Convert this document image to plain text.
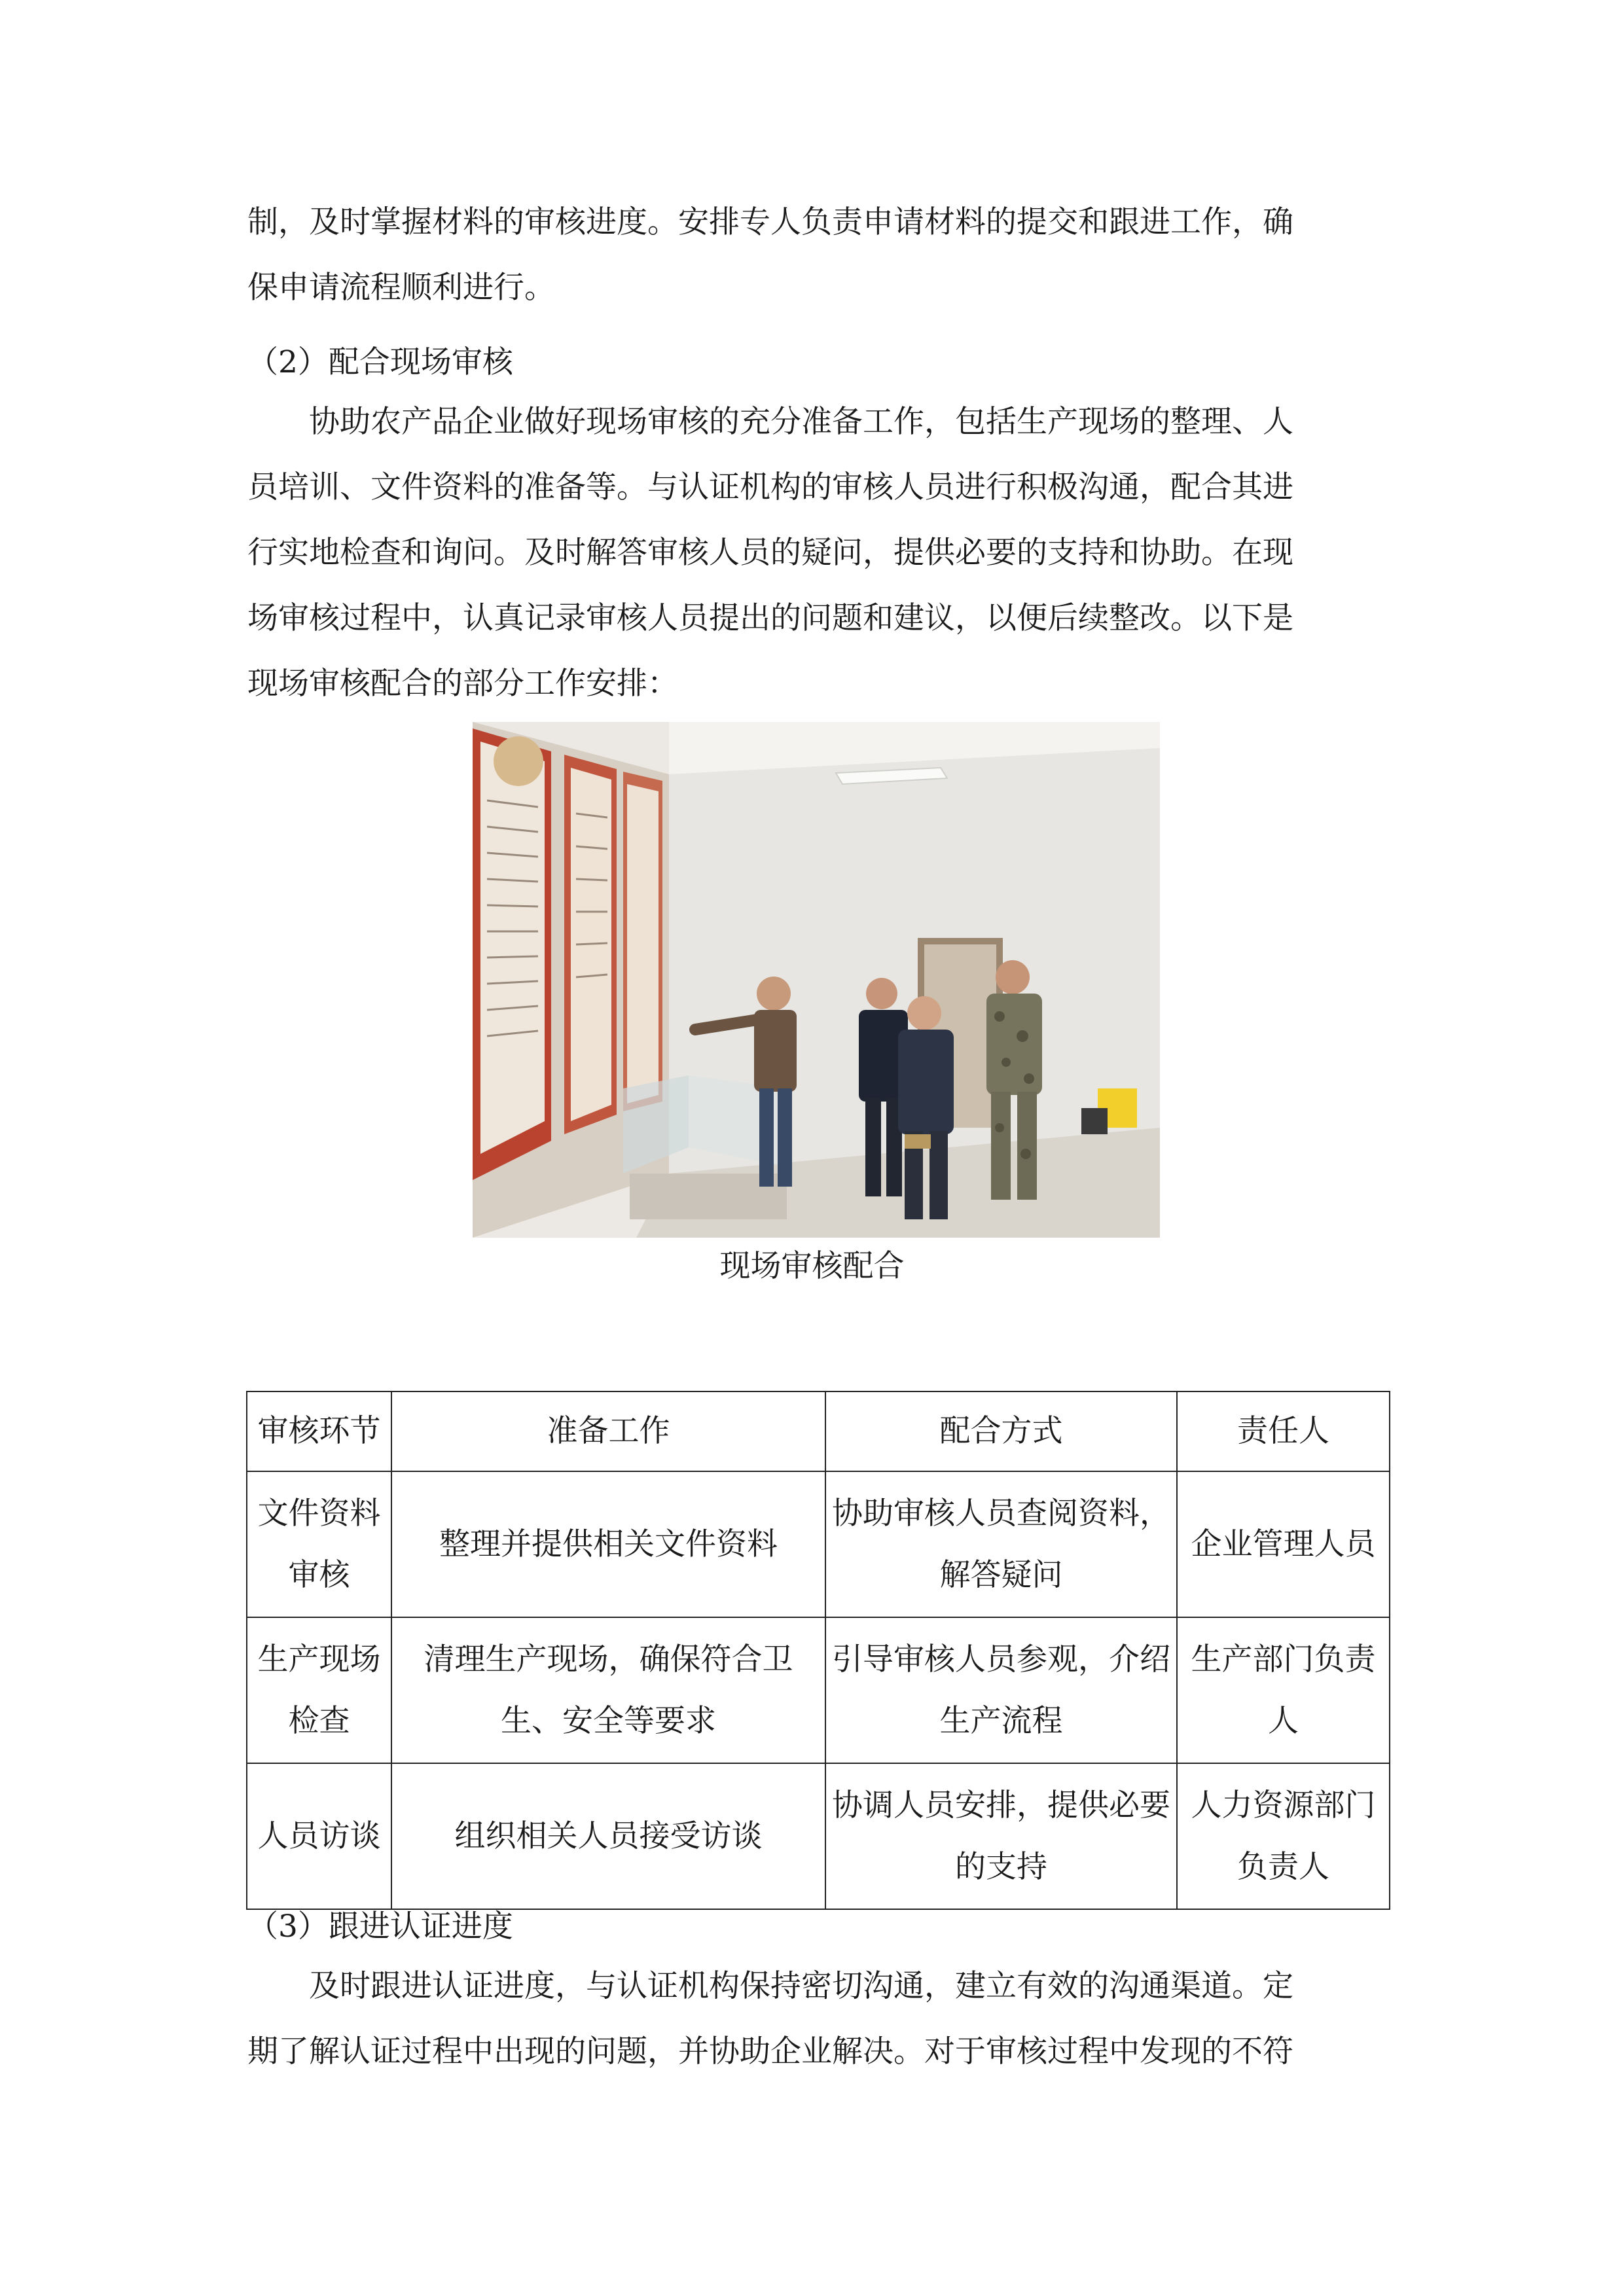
制，及时掌握材料的审核进度。安排专人负责申请材料的提交和跟进工作，确
保申请流程顺利进行。

（2）配合现场审核

协助农产品企业做好现场审核的充分准备工作，包括生产现场的整理、人
员培训、文件资料的准备等。与认证机构的审核人员进行积极沟通，配合其进
行实地检查和询问。及时解答审核人员的疑问，提供必要的支持和协助。在现
场审核过程中，认真记录审核人员提出的问题和建议，以便后续整改。以下是
现场审核配合的部分工作安排：

现场审核配合
审核环节	准备工作	配合方式	责任人
文件资料审核	整理并提供相关文件资料	协助审核人员查阅资料，解答疑问	企业管理人员
生产现场检查	清理生产现场，确保符合卫生、安全等要求	引导审核人员参观，介绍生产流程	生产部门负责人
人员访谈	组织相关人员接受访谈	协调人员安排，提供必要的支持	人力资源部门负责人

（3）跟进认证进度

及时跟进认证进度，与认证机构保持密切沟通，建立有效的沟通渠道。定
期了解认证过程中出现的问题，并协助企业解决。对于审核过程中发现的不符
